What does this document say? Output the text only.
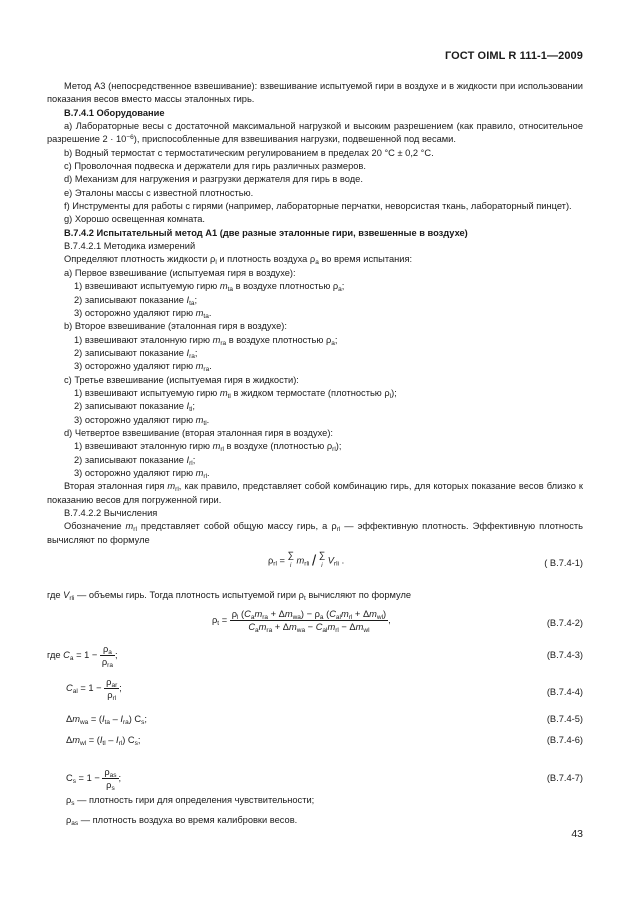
ГОСТ OIML R 111-1—2009

Метод А3 (непосредственное взвешивание): взвешивание испытуемой гири в воздухе и в жидкости при использовании показания весов вместо массы эталонных гирь.

В.7.4.1 Оборудование

a) Лабораторные весы с достаточной максимальной нагрузкой и высоким разрешением (как правило, относительное разрешение $2 \cdot 10^{-6}$), приспособленные для взвешивания нагрузки, подвешенной под весами.

b) Водный термостат с термостатическим регулированием в пределах 20 °С ± 0,2 °С.

c) Проволочная подвеска и держатели для гирь различных размеров.

d) Механизм для нагружения и разгрузки держателя для гирь в воде.

e) Эталоны массы с известной плотностью.

f) Инструменты для работы с гирями (например, лабораторные перчатки, неворсистая ткань, лабораторный пинцет).

g) Хорошо освещенная комната.

В.7.4.2 Испытательный метод А1 (две разные эталонные гири, взвешенные в воздухе)

В.7.4.2.1 Методика измерений

Определяют плотность жидкости $\rho_l$ и плотность воздуха $\rho_a$ во время испытания:

a) Первое взвешивание (испытуемая гиря в воздухе):

1) взвешивают испытуемую гирю $m_{ta}$ в воздухе плотностью $\rho_a$;

2) записывают показание $I_{ta}$;

3) осторожно удаляют гирю $m_{ta}$.

b) Второе взвешивание (эталонная гиря в воздухе):

1) взвешивают эталонную гирю $m_{ra}$ в воздухе плотностью $\rho_a$;

2) записывают показание $I_{ra}$;

3) осторожно удаляют гирю $m_{ra}$.

c) Третье взвешивание (испытуемая гиря в жидкости):

1) взвешивают испытуемую гирю $m_{tl}$ в жидком термостате (плотностью $\rho_l$);

2) записывают показание $I_{tl}$;

3) осторожно удаляют гирю $m_{tl}$.

d) Четвертое взвешивание (вторая эталонная гиря в воздухе):

1) взвешивают эталонную гирю $m_{rl}$ в воздухе (плотностью $\rho_{rl}$);

2) записывают показание $I_{rl}$;

3) осторожно удаляют гирю $m_{rl}$.

Вторая эталонная гиря $m_{rl}$, как правило, представляет собой комбинацию гирь, для которых показание весов близко к показанию весов для погруженной гири.

В.7.4.2.2 Вычисления

Обозначение $m_{rl}$ представляет собой общую массу гирь, а $\rho_{rl}$ — эффективную плотность. Эффективную плотность вычисляют по формуле

$\rho_{rl}$ = ∑
i $m_{rli}$ / ∑
i $V_{rli}$ .	( В.7.4-1)
где $V_{rli}$ — объемы гирь. Тогда плотность испытуемой гири $\rho_t$ вычисляют по формуле
$\rho_t = \frac{\rho_l (C_am_{ra} + \Delta m_{wa}) - \rho_a (C_{al}m_{rl} + \Delta m_{wl})}{C_am_{ra} + \Delta m_{wa} - C_{al}m_{rl} - \Delta m_{wl}}$ ,	(В.7.4-2)
где $C_a = 1 - \frac{\rho_a}{\rho_{ra}}$ ;	(В.7.4-3)
$C_{al} = 1 - \frac{\rho_{ar}}{\rho_{rl}}$ ;	(В.7.4-4)
$\Delta m_{wa} = (I_{ta} - I_{ra})$ $C_s$;	(В.7.4-5)
$\Delta m_{wl} = (I_{tl} - I_{rl})$ $C_s$;	(В.7.4-6)
$C_s = 1 - \frac{\rho_{as}}{\rho_s}$ ;	(В.7.4-7)
$\rho_s$ — плотность гири для определения чувствительности;
$\rho_{as}$ — плотность воздуха во время калибровки весов.
43
